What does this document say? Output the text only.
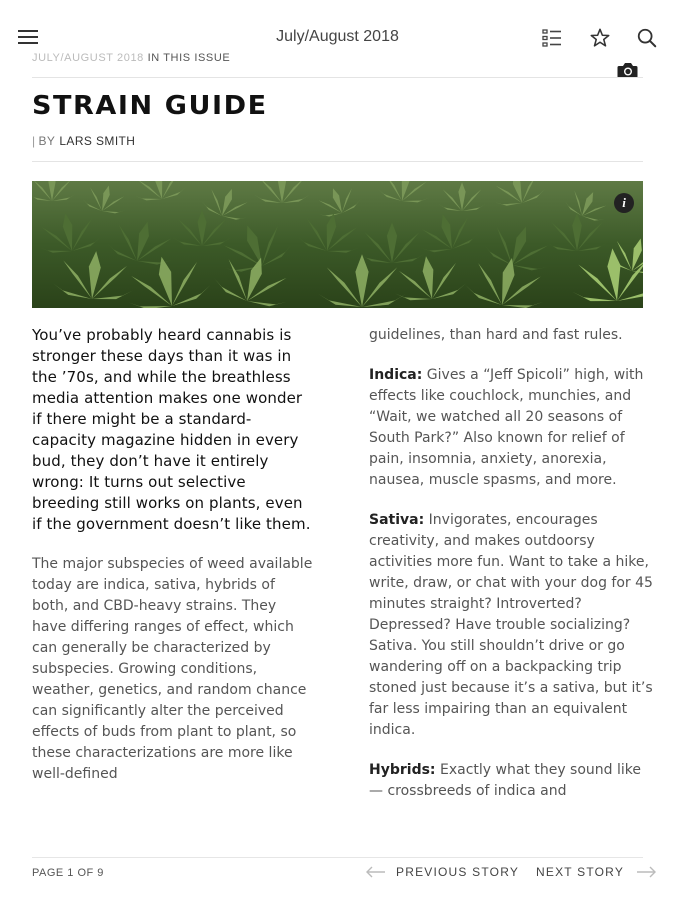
July/August 2018
JULY/AUGUST 2018 IN THIS ISSUE
STRAIN GUIDE
| BY LARS SMITH
i

You’ve probably heard cannabis is stronger these days than it was in the ’70s, and while the breathless media attention makes one wonder if there might be a standard-capacity magazine hidden in every bud, they don’t have it entirely wrong: It turns out selective breeding still works on plants, even if the government doesn’t like them.

The major subspecies of weed available today are indica, sativa, hybrids of both, and CBD-heavy strains. They have differing ranges of effect, which can generally be characterized by subspecies. Growing conditions, weather, genetics, and random chance can significantly alter the perceived effects of buds from plant to plant, so these characterizations are more like well-defined

guidelines, than hard and fast rules.

Indica: Gives a “Jeff Spicoli” high, with effects like couchlock, munchies, and “Wait, we watched all 20 seasons of South Park?” Also known for relief of pain, insomnia, anxiety, anorexia, nausea, muscle spasms, and more.

Sativa: Invigorates, encourages creativity, and makes outdoorsy activities more fun. Want to take a hike, write, draw, or chat with your dog for 45 minutes straight? Introverted? Depressed? Have trouble socializing? Sativa. You still shouldn’t drive or go wandering off on a backpacking trip stoned just because it’s a sativa, but it’s far less impairing than an equivalent indica.

Hybrids: Exactly what they sound like — crossbreeds of indica and

PAGE 1 OF 9	PREVIOUS STORY NEXT STORY
